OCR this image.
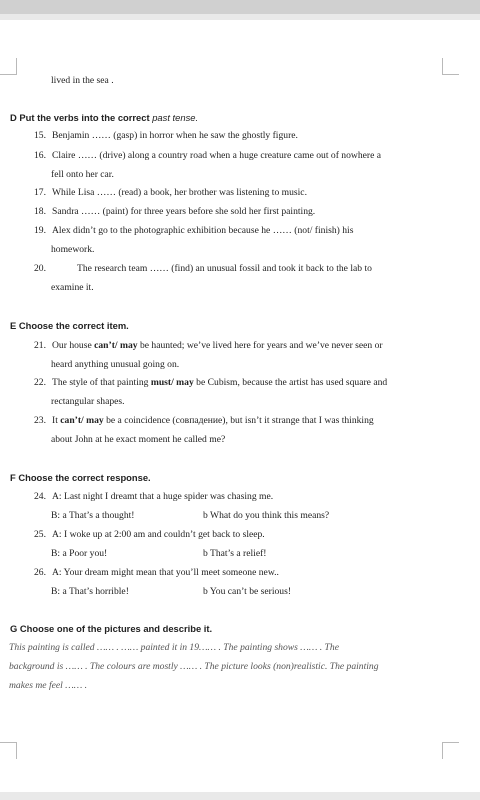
lived in the sea .
D Put the verbs into the correct past tense.
15. Benjamin …… (gasp) in horror when he saw the ghostly figure.
16. Claire …… (drive) along a country road when a huge creature came out of nowhere a
fell onto her car.
17. While Lisa …… (read) a book, her brother was listening to music.
18. Sandra …… (paint) for three years before she sold her first painting.
19. Alex didn’t go to the photographic exhibition because he …… (not/ finish) his
homework.
20.	The research team …… (find) an unusual fossil and took it back to the lab to
examine it.
E Choose the correct item.
21. Our house can’t/ may be haunted; we’ve lived here for years and we’ve never seen or
heard anything unusual going on.
22. The style of that painting must/ may be Cubism, because the artist has used square and
rectangular shapes.
23. It can’t/ may be a coincidence (совпадение), but isn’t it strange that I was thinking
about John at he exact moment he called me?
F Choose the correct response.
24. A: Last night I dreamt that a huge spider was chasing me.
B: a That’s a thought!	b What do you think this means?
25. A: I woke up at 2:00 am and couldn’t get back to sleep.
B: a Poor you!	b That’s a relief!
26. A: Your dream might mean that you’ll meet someone new..
B: a That’s horrible!	b You can’t be serious!
G Choose one of the pictures and describe it.
This painting is called …… . …… painted it in 19…… . The painting shows …… . The
background is …… . The colours are mostly …… . The picture looks (non)realistic. The painting
makes me feel …… .
